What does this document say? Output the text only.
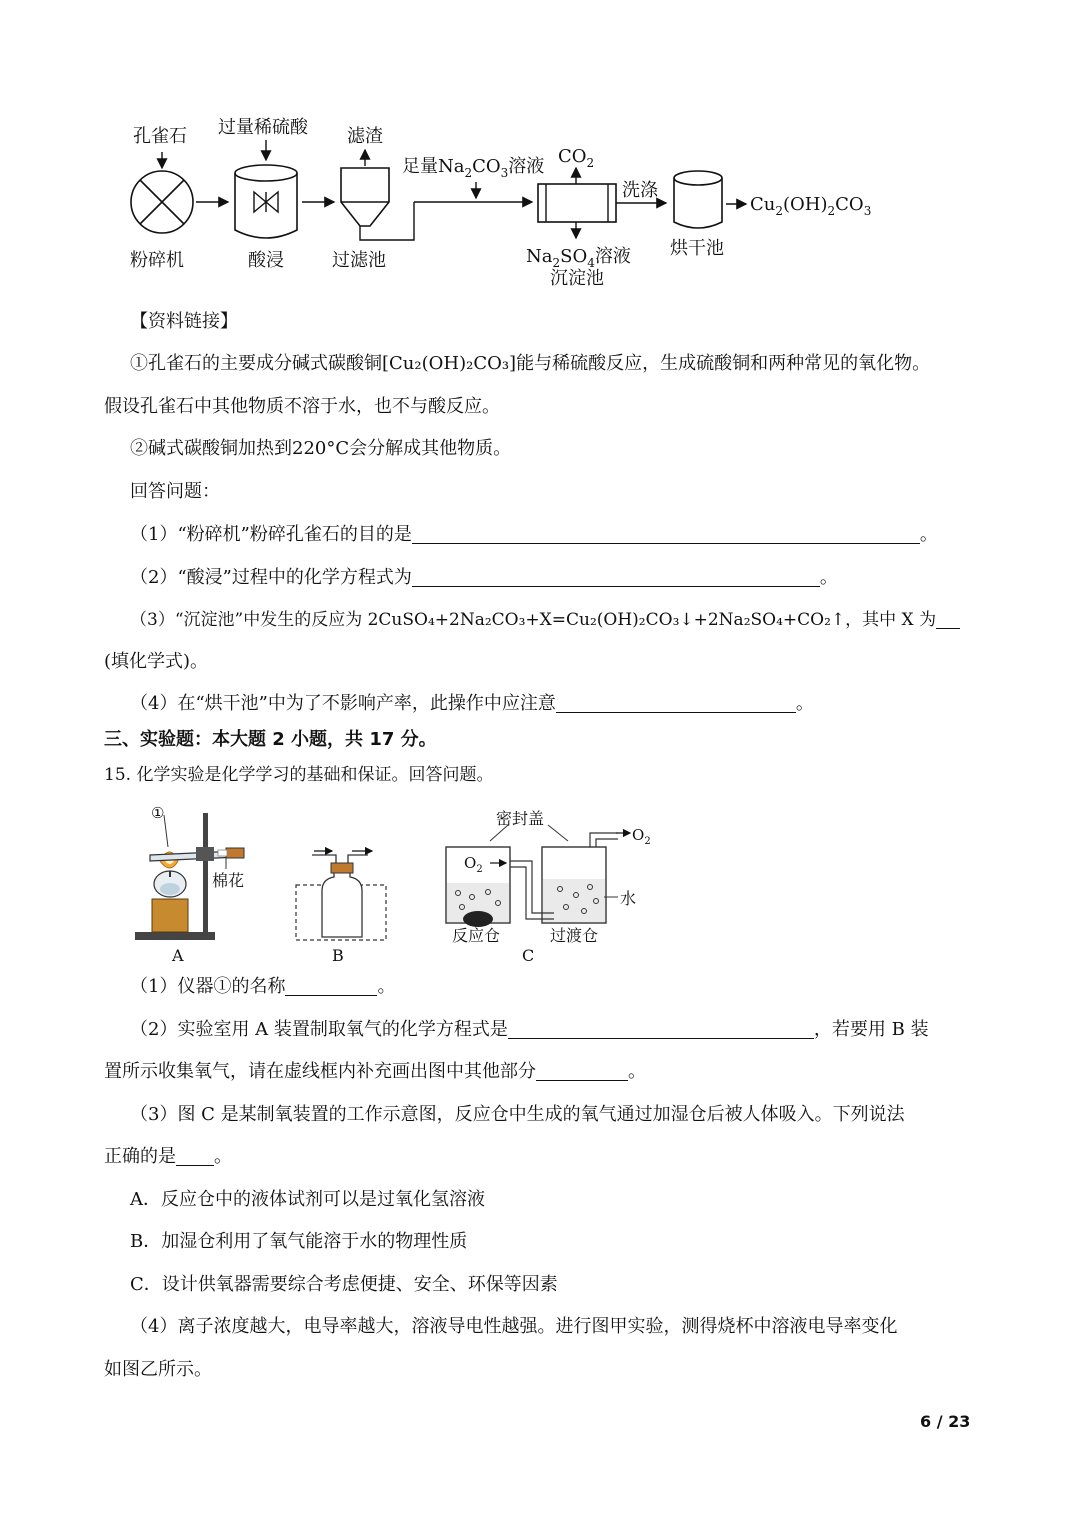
孔雀石
粉碎机
过量稀硫酸
酸浸
滤渣
过滤池
足量$Na_2CO_3$溶液 $CO_2$
$Na_2SO_4$溶液
沉淀池
洗涤
烘干池
$Cu_2(OH)_2CO_3$
【资料链接】
①孔雀石的主要成分碱式碳酸铜[Cu₂(OH)₂CO₃]能与稀硫酸反应，生成硫酸铜和两种常见的氧化物。
假设孔雀石中其他物质不溶于水，也不与酸反应。
②碱式碳酸铜加热到220°C会分解成其他物质。
回答问题：
（1）“粉碎机”粉碎孔雀石的目的是	。
（2）“酸浸”过程中的化学方程式为	。
（3）“沉淀池”中发生的反应为 2CuSO₄+2Na₂CO₃+X=Cu₂(OH)₂CO₃↓+2Na₂SO₄+CO₂↑，其中 X 为
(填化学式)。
（4）在“烘干池”中为了不影响产率，此操作中应注意	。
三、实验题：本大题 2 小题，共 17 分。
15. 化学实验是化学学习的基础和保证。回答问题。
①
棉花
A	B
密封盖
$O_2$
$O_2$
水
反应仓	过渡仓
C
（1）仪器①的名称	。
（2）实验室用 A 装置制取氧气的化学方程式是	，若要用 B 装
置所示收集氧气，请在虚线框内补充画出图中其他部分	。
（3）图 C 是某制氧装置的工作示意图，反应仓中生成的氧气通过加湿仓后被人体吸入。下列说法
正确的是 。
A．反应仓中的液体试剂可以是过氧化氢溶液
B．加湿仓利用了氧气能溶于水的物理性质
C．设计供氧器需要综合考虑便捷、安全、环保等因素
（4）离子浓度越大，电导率越大，溶液导电性越强。进行图甲实验，测得烧杯中溶液电导率变化
如图乙所示。
6 / 23
